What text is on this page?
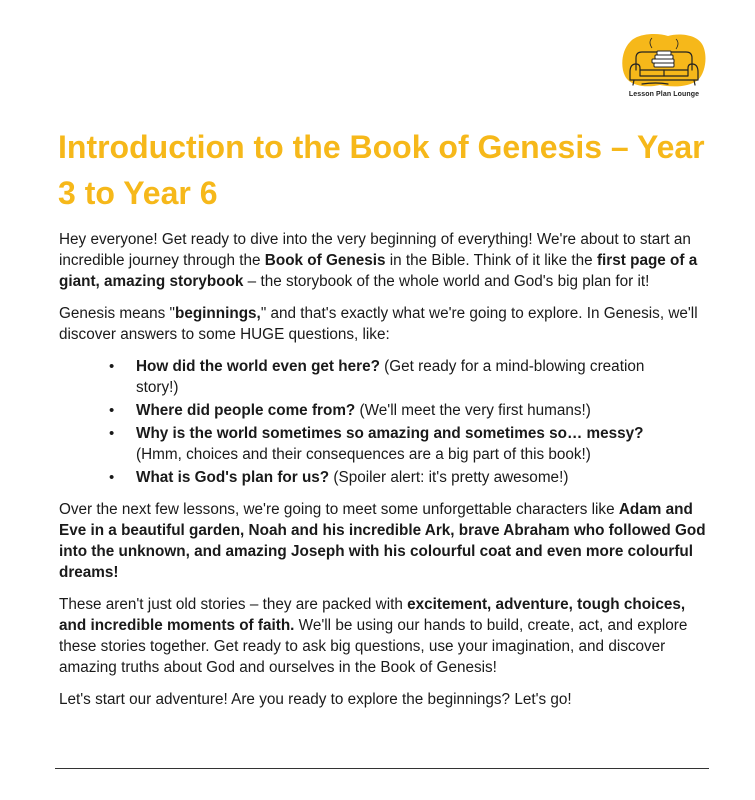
Lesson Plan Lounge
Introduction to the Book of Genesis – Year 3 to Year 6

Hey everyone! Get ready to dive into the very beginning of everything! We're about to start an incredible journey through the Book of Genesis in the Bible. Think of it like the first page of a giant, amazing storybook – the storybook of the whole world and God's big plan for it!

Genesis means "beginnings," and that's exactly what we're going to explore. In Genesis, we'll discover answers to some HUGE questions, like:

• How did the world even get here? (Get ready for a mind-blowing creation story!)
• Where did people come from? (We'll meet the very first humans!)
• Why is the world sometimes so amazing and sometimes so… messy? (Hmm, choices and their consequences are a big part of this book!)
• What is God's plan for us? (Spoiler alert: it's pretty awesome!)

Over the next few lessons, we're going to meet some unforgettable characters like Adam and Eve in a beautiful garden, Noah and his incredible Ark, brave Abraham who followed God into the unknown, and amazing Joseph with his colourful coat and even more colourful dreams!

These aren't just old stories – they are packed with excitement, adventure, tough choices, and incredible moments of faith. We'll be using our hands to build, create, act, and explore these stories together. Get ready to ask big questions, use your imagination, and discover amazing truths about God and ourselves in the Book of Genesis!

Let's start our adventure! Are you ready to explore the beginnings? Let's go!
